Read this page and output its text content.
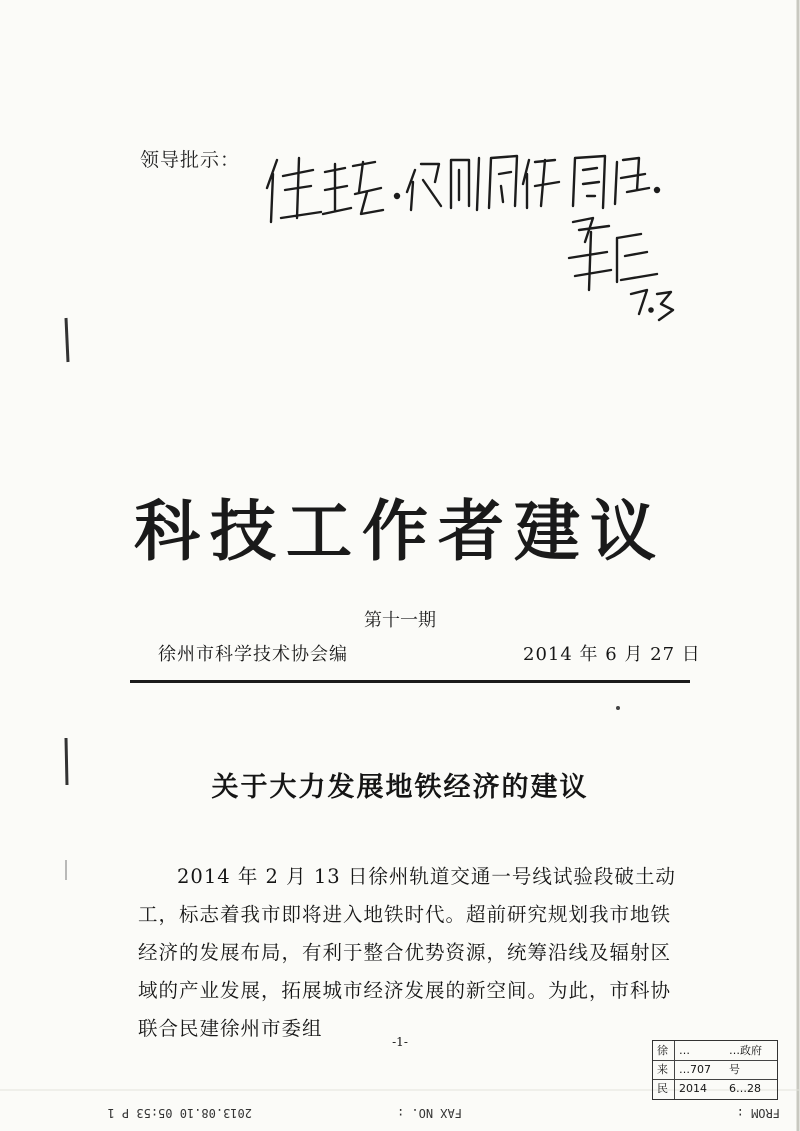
领导批示：
科技工作者建议
第十一期
徐州市科学技术协会编	2014 年 6 月 27 日
关于大力发展地铁经济的建议

2014 年 2 月 13 日徐州轨道交通一号线试验段破土动工，标志着我市即将进入地铁时代。超前研究规划我市地铁经济的发展布局，有利于整合优势资源，统筹沿线及辐射区域的产业发展，拓展城市经济发展的新空间。为此，市科协联合民建徐州市委组

-1-
徐 …	…政府
来 …707 号
民 2014 6…28
FROM :
FAX NO. :
2013.08.10 05:53 P 1
